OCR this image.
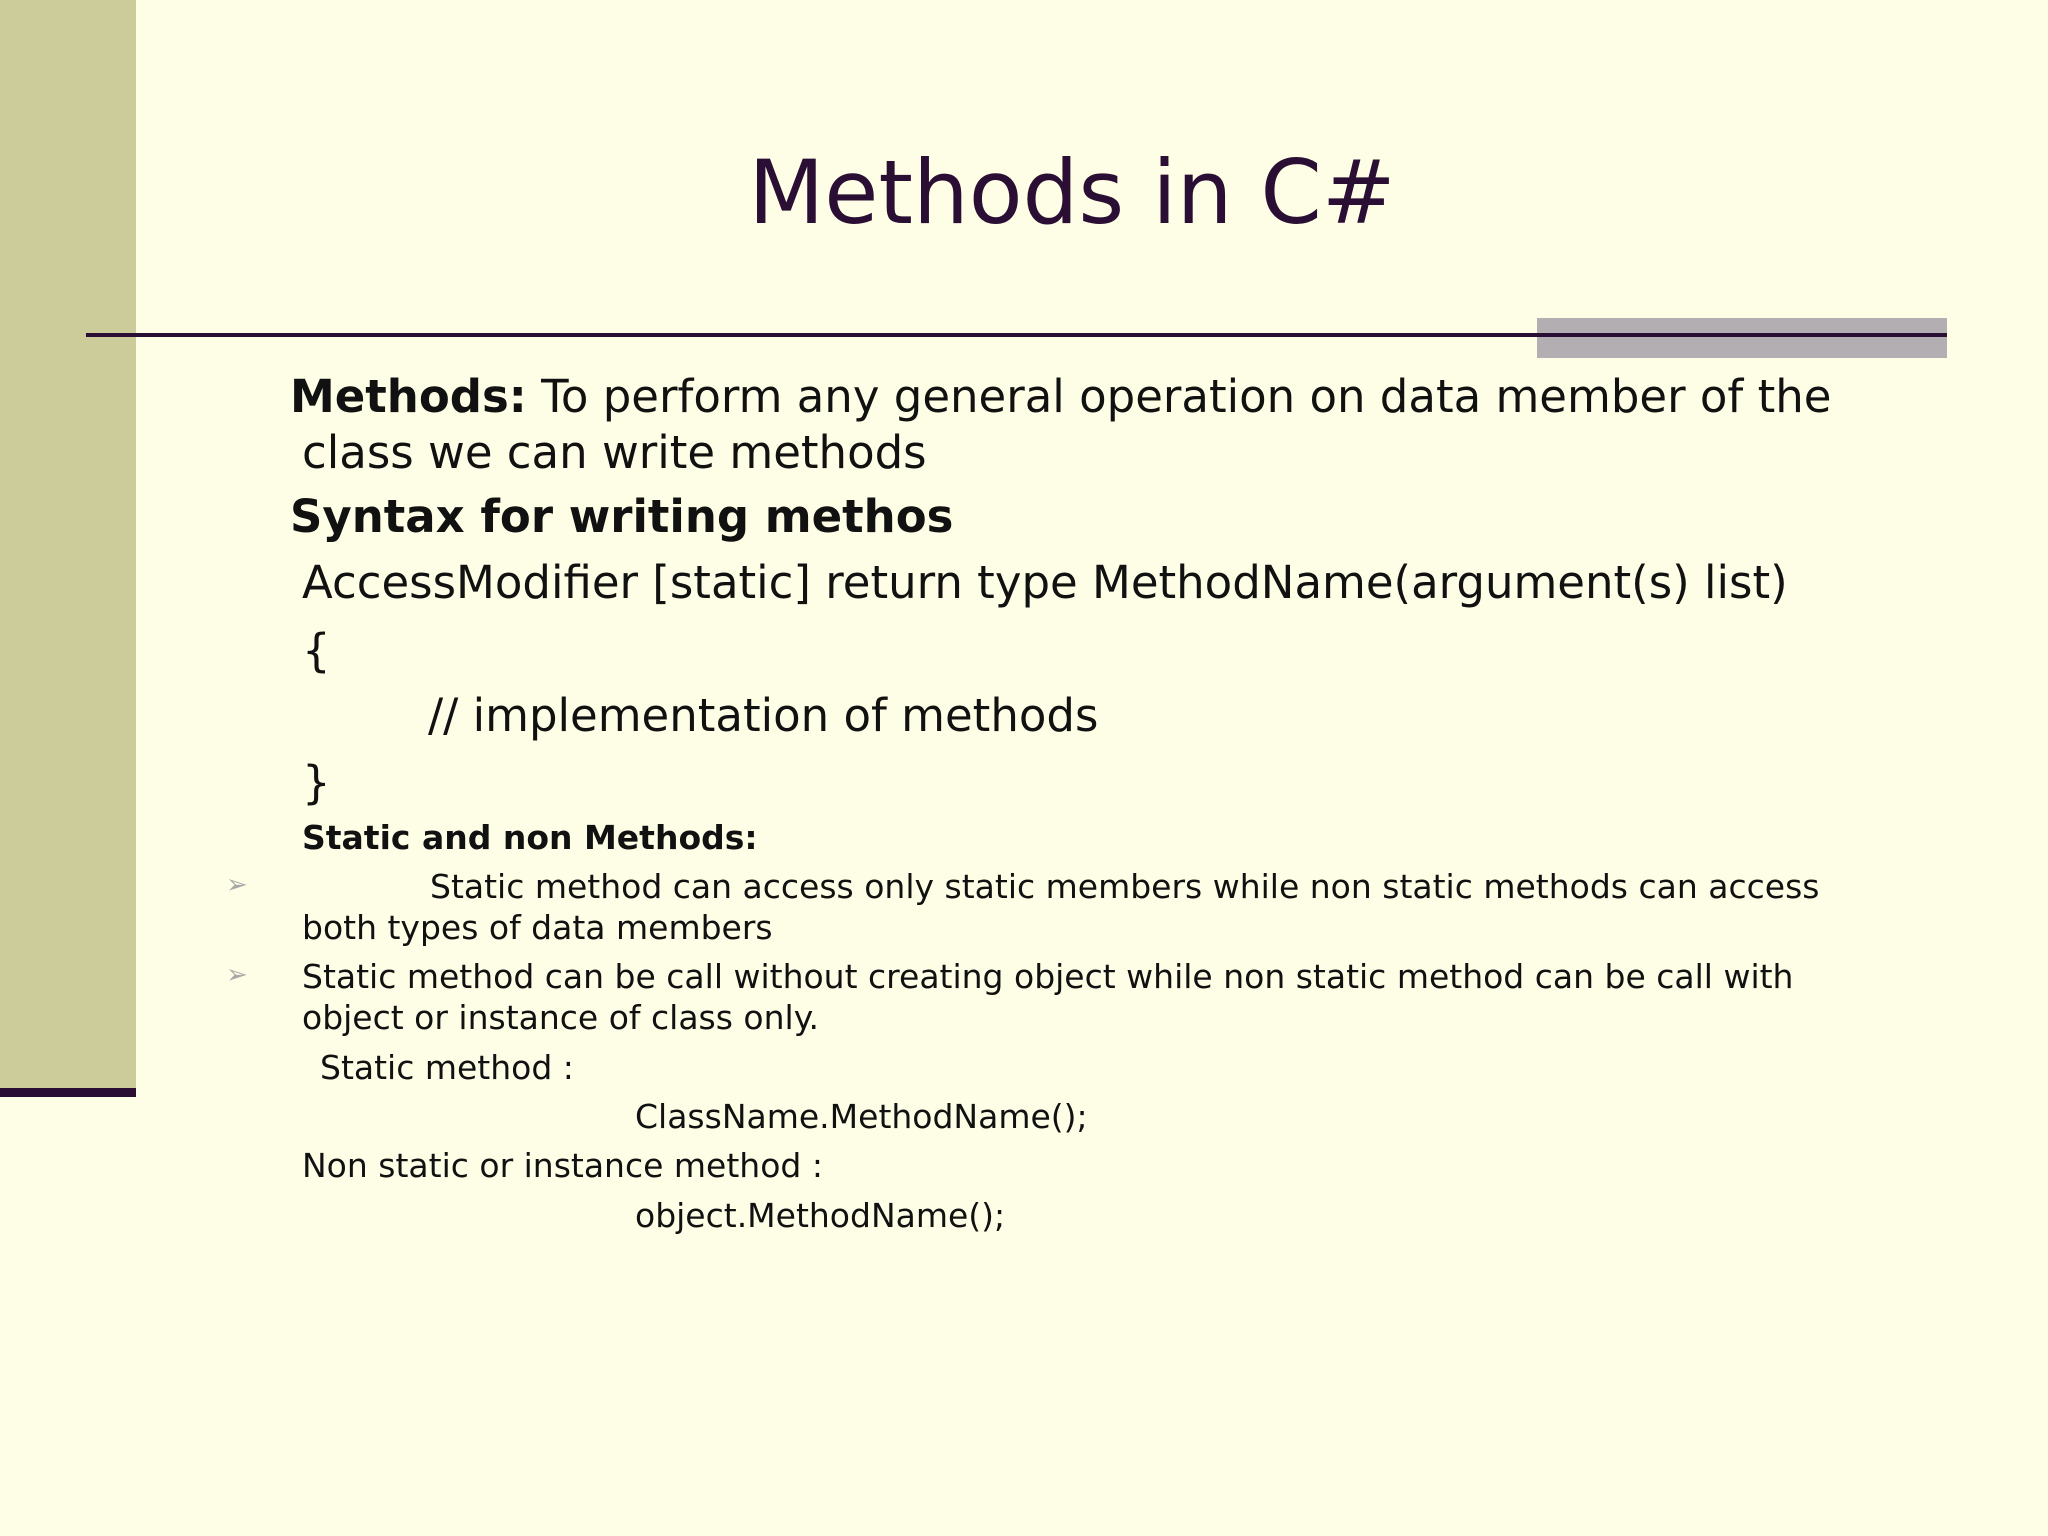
Methods in C#

Methods: To perform any general operation on data member of the

class we can write methods

Syntax for writing methos

AccessModifier [static] return type MethodName(argument(s) list)

{

// implementation of methods

}

Static and non Methods:

➢	Static method can access only static members while non static methods can access

both types of data members

➢ Static method can be call without creating object while non static method can be call with

object or instance of class only.

Static method :

ClassName.MethodName();

Non static or instance method :

object.MethodName();
